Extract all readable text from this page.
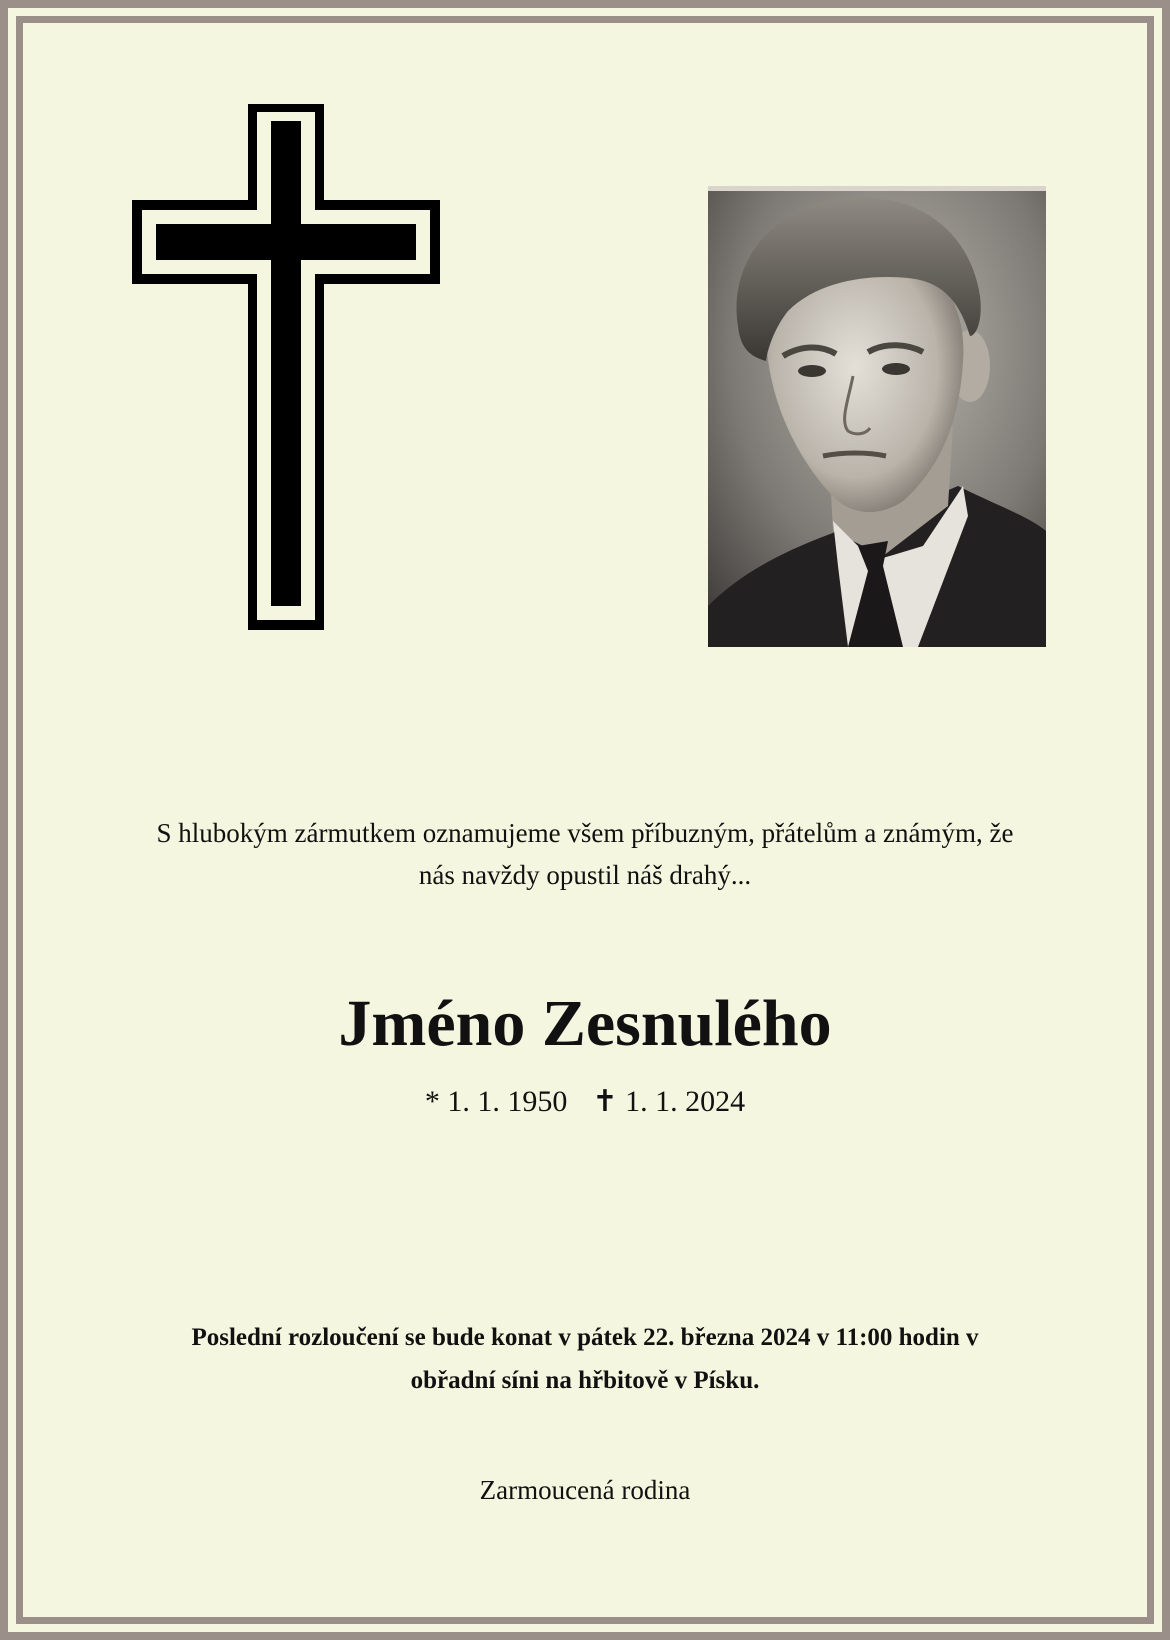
S hlubokým zármutkem oznamujeme všem příbuzným, přátelům a známým, že
nás navždy opustil náš drahý...
Jméno Zesnulého
* 1. 1. 1950 ✝ 1. 1. 2024
Poslední rozloučení se bude konat v pátek 22. března 2024 v 11:00 hodin v
obřadní síni na hřbitově v Písku.
Zarmoucená rodina
